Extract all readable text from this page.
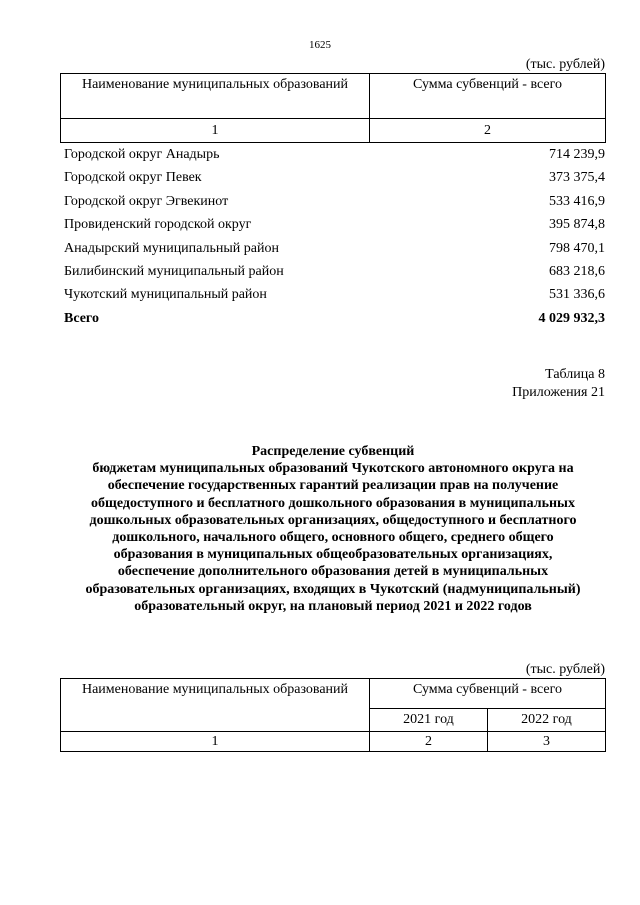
1625
(тыс. рублей)
Наименование муниципальных образований	Сумма субвенций - всего
1	2
Городской округ Анадырь	714 239,9
Городской округ Певек	373 375,4
Городской округ Эгвекинот	533 416,9
Провиденский городской округ	395 874,8
Анадырский муниципальный район	798 470,1
Билибинский муниципальный район	683 218,6
Чукотский муниципальный район	531 336,6
Всего	4 029 932,3
Таблица 8
Приложения 21
Распределение субвенций
бюджетам муниципальных образований Чукотского автономного округа на
обеспечение государственных гарантий реализации прав на получение
общедоступного и бесплатного дошкольного образования в муниципальных
дошкольных образовательных организациях, общедоступного и бесплатного
дошкольного, начального общего, основного общего, среднего общего
образования в муниципальных общеобразовательных организациях,
обеспечение дополнительного образования детей в муниципальных
образовательных организациях, входящих в Чукотский (надмуниципальный)
образовательный округ, на плановый период 2021 и 2022 годов
(тыс. рублей)
Наименование муниципальных образований	Сумма субвенций - всего	
	2021 год	2022 год
1	2	3
